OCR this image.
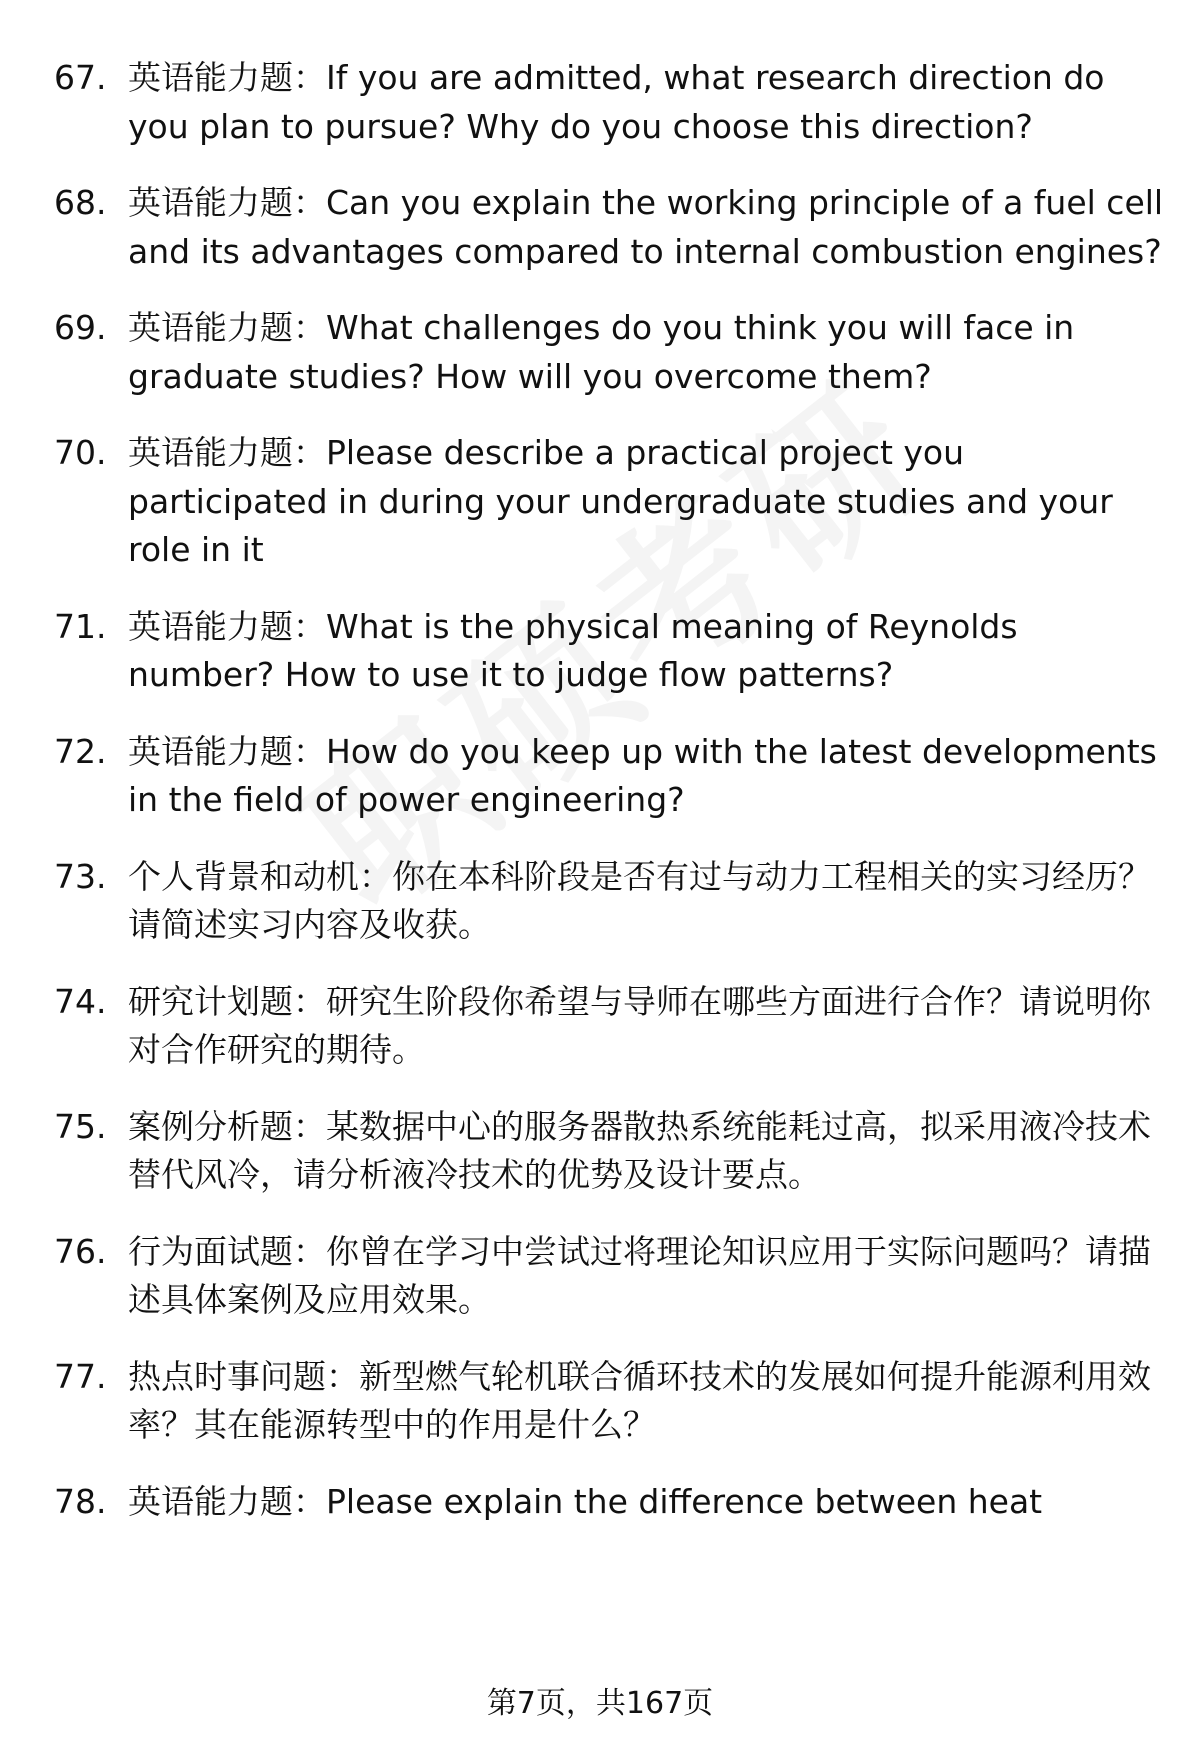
67. 英语能力题：If you are admitted, what research direction do you plan to pursue? Why do you choose this direction?
68. 英语能力题：Can you explain the working principle of a fuel cell and its advantages compared to internal combustion engines?
69. 英语能力题：What challenges do you think you will face in graduate studies? How will you overcome them?
70. 英语能力题：Please describe a practical project you participated in during your undergraduate studies and your role in it
71. 英语能力题：What is the physical meaning of Reynolds number? How to use it to judge flow patterns?
72. 英语能力题：How do you keep up with the latest developments in the field of power engineering?
73. 个人背景和动机：你在本科阶段是否有过与动力工程相关的实习经历？请简述实习内容及收获。
74. 研究计划题：研究生阶段你希望与导师在哪些方面进行合作？请说明你对合作研究的期待。
75. 案例分析题：某数据中心的服务器散热系统能耗过高，拟采用液冷技术替代风冷，请分析液冷技术的优势及设计要点。
76. 行为面试题：你曾在学习中尝试过将理论知识应用于实际问题吗？请描述具体案例及应用效果。
77. 热点时事问题：新型燃气轮机联合循环技术的发展如何提升能源利用效率？其在能源转型中的作用是什么？
78. 英语能力题：Please explain the difference between heat
第7页，共167页
